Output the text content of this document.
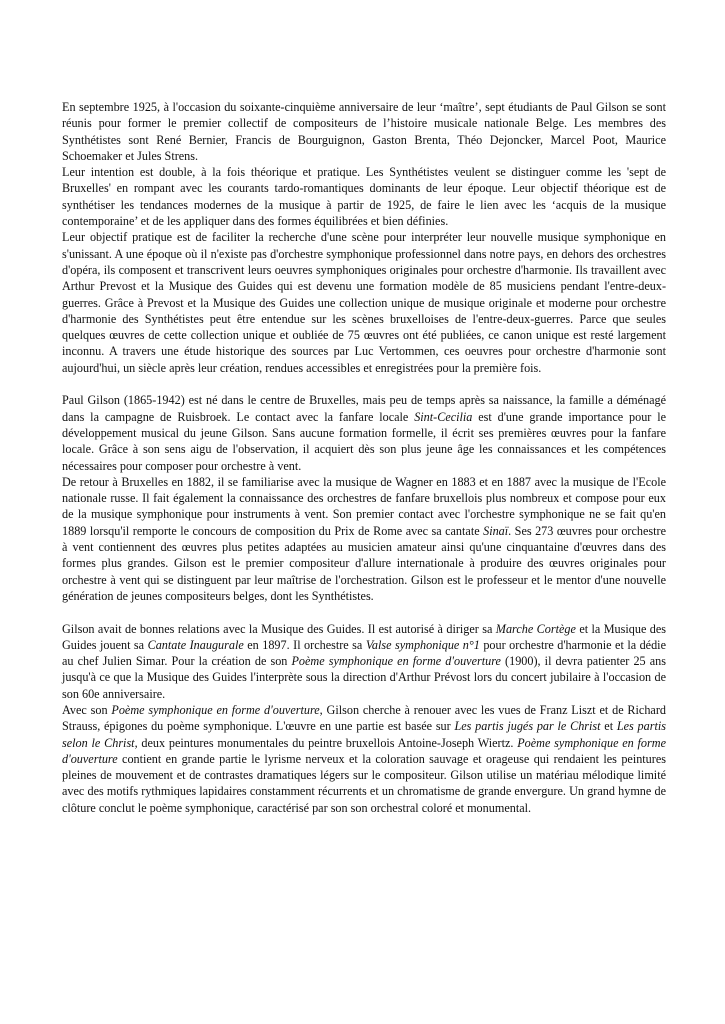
En septembre 1925, à l'occasion du soixante-cinquième anniversaire de leur ‘maître’, sept étudiants de Paul Gilson se sont réunis pour former le premier collectif de compositeurs de l’histoire musicale nationale Belge. Les membres des Synthétistes sont René Bernier, Francis de Bourguignon, Gaston Brenta, Théo Dejoncker, Marcel Poot, Maurice Schoemaker et Jules Strens.

Leur intention est double, à la fois théorique et pratique. Les Synthétistes veulent se distinguer comme les 'sept de Bruxelles' en rompant avec les courants tardo-romantiques dominants de leur époque. Leur objectif théorique est de synthétiser les tendances modernes de la musique à partir de 1925, de faire le lien avec les ‘acquis de la musique contemporaine’ et de les appliquer dans des formes équilibrées et bien définies.

Leur objectif pratique est de faciliter la recherche d'une scène pour interpréter leur nouvelle musique symphonique en s'unissant. A une époque où il n'existe pas d'orchestre symphonique professionnel dans notre pays, en dehors des orchestres d'opéra, ils composent et transcrivent leurs oeuvres symphoniques originales pour orchestre d'harmonie. Ils travaillent avec Arthur Prevost et la Musique des Guides qui est devenu une formation modèle de 85 musiciens pendant l'entre-deux-guerres. Grâce à Prevost et la Musique des Guides une collection unique de musique originale et moderne pour orchestre d'harmonie des Synthétistes peut être entendue sur les scènes bruxelloises de l'entre-deux-guerres. Parce que seules quelques œuvres de cette collection unique et oubliée de 75 œuvres ont été publiées, ce canon unique est resté largement inconnu. A travers une étude historique des sources par Luc Vertommen, ces oeuvres pour orchestre d'harmonie sont aujourd'hui, un siècle après leur création, rendues accessibles et enregistrées pour la première fois.

Paul Gilson (1865-1942) est né dans le centre de Bruxelles, mais peu de temps après sa naissance, la famille a déménagé dans la campagne de Ruisbroek. Le contact avec la fanfare locale Sint-Cecilia est d'une grande importance pour le développement musical du jeune Gilson. Sans aucune formation formelle, il écrit ses premières œuvres pour la fanfare locale. Grâce à son sens aigu de l'observation, il acquiert dès son plus jeune âge les connaissances et les compétences nécessaires pour composer pour orchestre à vent.

De retour à Bruxelles en 1882, il se familiarise avec la musique de Wagner en 1883 et en 1887 avec la musique de l'Ecole nationale russe. Il fait également la connaissance des orchestres de fanfare bruxellois plus nombreux et compose pour eux de la musique symphonique pour instruments à vent. Son premier contact avec l'orchestre symphonique ne se fait qu'en 1889 lorsqu'il remporte le concours de composition du Prix de Rome avec sa cantate Sinaï. Ses 273 œuvres pour orchestre à vent contiennent des œuvres plus petites adaptées au musicien amateur ainsi qu'une cinquantaine d'œuvres dans des formes plus grandes. Gilson est le premier compositeur d'allure internationale à produire des œuvres originales pour orchestre à vent qui se distinguent par leur maîtrise de l'orchestration. Gilson est le professeur et le mentor d'une nouvelle génération de jeunes compositeurs belges, dont les Synthétistes.

Gilson avait de bonnes relations avec la Musique des Guides. Il est autorisé à diriger sa Marche Cortège et la Musique des Guides jouent sa Cantate Inaugurale en 1897. Il orchestre sa Valse symphonique n°1 pour orchestre d'harmonie et la dédie au chef Julien Simar. Pour la création de son Poème symphonique en forme d'ouverture (1900), il devra patienter 25 ans jusqu'à ce que la Musique des Guides l'interprète sous la direction d'Arthur Prévost lors du concert jubilaire à l'occasion de son 60e anniversaire.

Avec son Poème symphonique en forme d'ouverture, Gilson cherche à renouer avec les vues de Franz Liszt et de Richard Strauss, épigones du poème symphonique. L'œuvre en une partie est basée sur Les partis jugés par le Christ et Les partis selon le Christ, deux peintures monumentales du peintre bruxellois Antoine-Joseph Wiertz. Poème symphonique en forme d'ouverture contient en grande partie le lyrisme nerveux et la coloration sauvage et orageuse qui rendaient les peintures pleines de mouvement et de contrastes dramatiques légers sur le compositeur. Gilson utilise un matériau mélodique limité avec des motifs rythmiques lapidaires constamment récurrents et un chromatisme de grande envergure. Un grand hymne de clôture conclut le poème symphonique, caractérisé par son son orchestral coloré et monumental.
